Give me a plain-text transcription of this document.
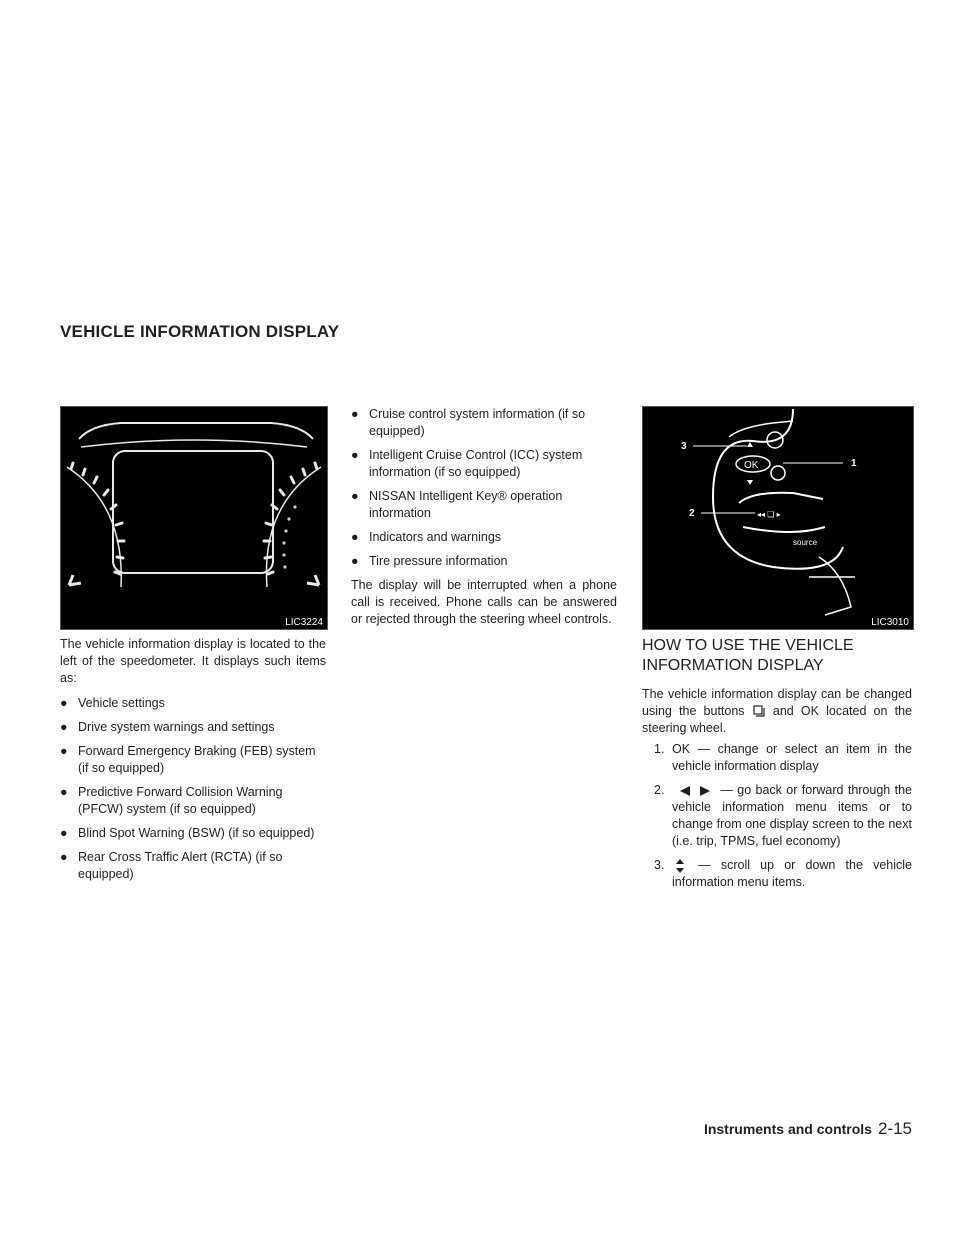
VEHICLE INFORMATION DISPLAY
LIC3224
OK
◂◂ ❏ ▸
source
3
1
2
LIC3010

The vehicle information display is located to the left of the speedometer. It displays such items as:

● Vehicle settings
● Drive system warnings and settings
● Forward Emergency Braking (FEB) system (if so equipped)
● Predictive Forward Collision Warning (PFCW) system (if so equipped)
● Blind Spot Warning (BSW) (if so equipped)
● Rear Cross Traffic Alert (RCTA) (if so equipped)
● Cruise control system information (if so equipped)
● Intelligent Cruise Control (ICC) system information (if so equipped)
● NISSAN Intelligent Key® operation information
● Indicators and warnings
● Tire pressure information

The display will be interrupted when a phone call is received. Phone calls can be answered or rejected through the steering wheel controls.

HOW TO USE THE VEHICLE INFORMATION DISPLAY

The vehicle information display can be changed using the buttons and OK located on the steering wheel.

1. OK — change or select an item in the vehicle information display
2.	— go back or forward through the vehicle information menu items or to change from one display screen to the next (i.e. trip, TPMS, fuel economy)
3.	— scroll up or down the vehicle information menu items.
Instruments and controls 2-15
